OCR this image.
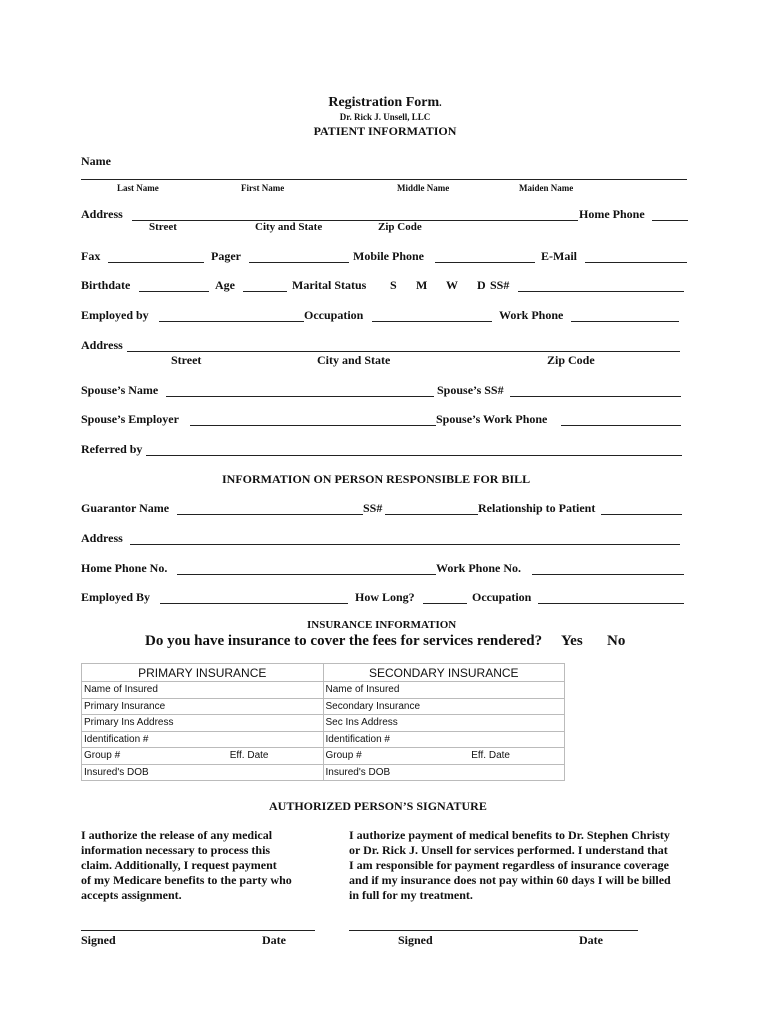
Registration Form.
Dr. Rick J. Unsell, LLC
PATIENT INFORMATION
Name
Last Name	First Name	Middle Name	Maiden Name
Address	Home Phone
Street	City and State	Zip Code
Fax	Pager	Mobile Phone	E-Mail
Birthdate	Age	Marital Status S M W D SS#
Employed by	Occupation	Work Phone
Address
Street	City and State	Zip Code
Spouse’s Name	Spouse’s SS#
Spouse’s Employer	Spouse’s Work Phone
Referred by
INFORMATION ON PERSON RESPONSIBLE FOR BILL
Guarantor Name	SS#	Relationship to Patient
Address
Home Phone No.	Work Phone No.
Employed By	How Long?	Occupation
INSURANCE INFORMATION
Do you have insurance to cover the fees for services rendered? Yes No
PRIMARY INSURANCE	SECONDARY INSURANCE
Name of Insured	Name of Insured
Primary Insurance	Secondary Insurance
Primary Ins Address	Sec Ins Address
Identification #	Identification #

Group # Eff. Date	Group # Eff. Date

Insured's DOB	Insured's DOB
AUTHORIZED PERSON’S SIGNATURE
I authorize the release of any medical
information necessary to process this
claim. Additionally, I request payment
of my Medicare benefits to the party who
accepts assignment.
I authorize payment of medical benefits to Dr. Stephen Christy
or Dr. Rick J. Unsell for services performed. I understand that
I am responsible for payment regardless of insurance coverage
and if my insurance does not pay within 60 days I will be billed
in full for my treatment.
Signed	Date	Signed	Date
